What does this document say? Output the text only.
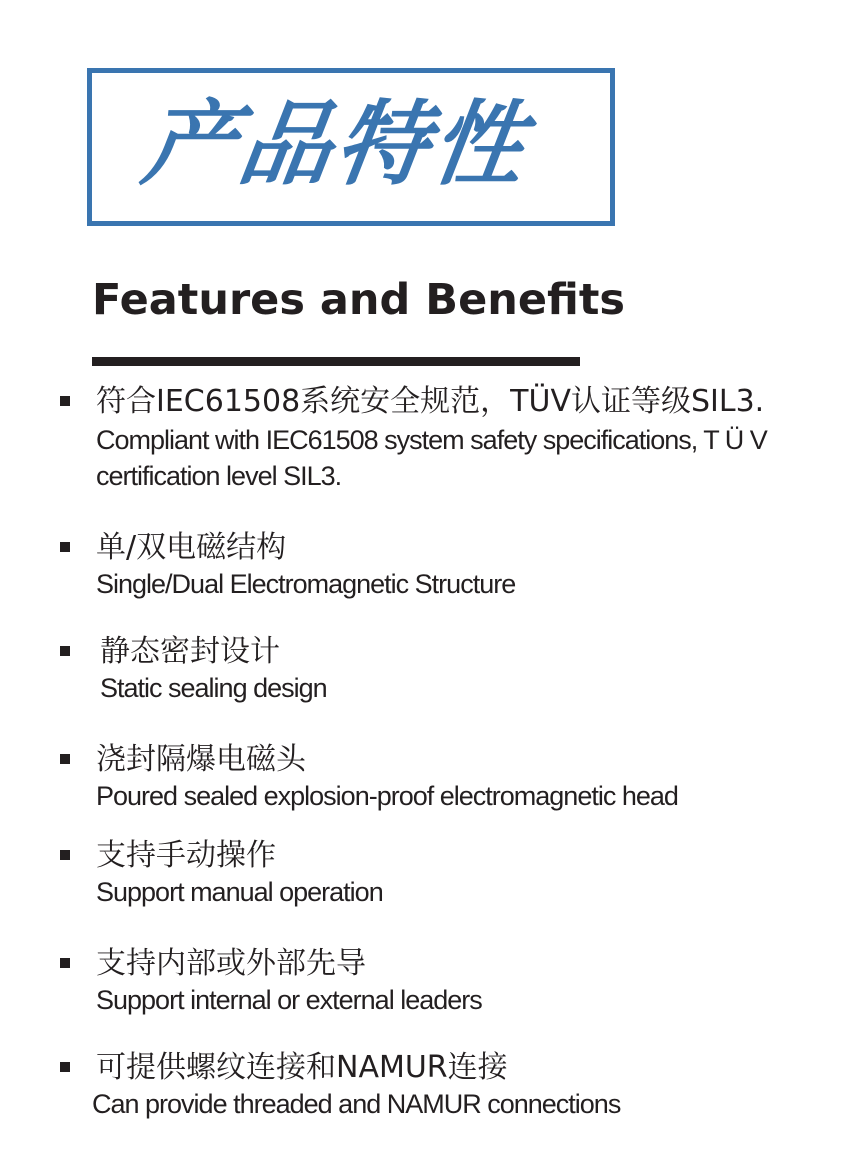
产品特性
Features and Benefits
符合IEC61508系统安全规范，TÜV认证等级SIL3.
Compliant with IEC61508 system safety specifications, T Ü V certification level SIL3.
单/双电磁结构
Single/Dual Electromagnetic Structure
静态密封设计
Static sealing design
浇封隔爆电磁头
Poured sealed explosion-proof electromagnetic head
支持手动操作
Support manual operation
支持内部或外部先导
Support internal or external leaders
可提供螺纹连接和NAMUR连接
Can provide threaded and NAMUR connections
